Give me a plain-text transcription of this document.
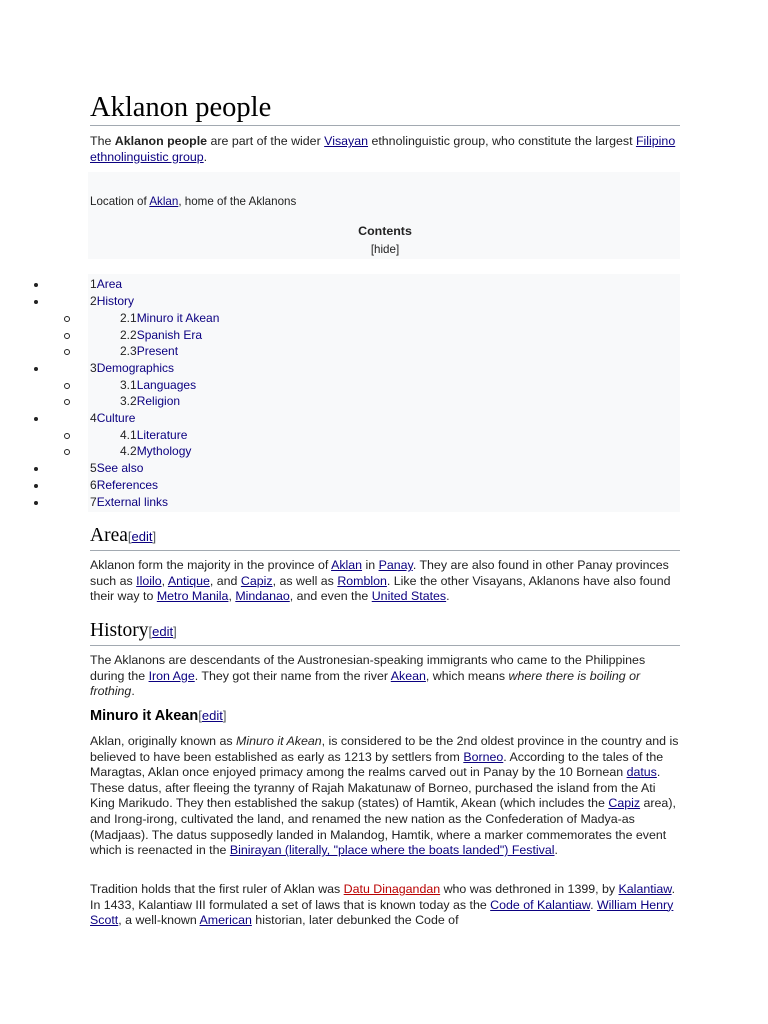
Aklanon people

The Aklanon people are part of the wider Visayan ethnolinguistic group, who constitute the largest Filipino ethnolinguistic group.

Location of Aklan, home of the Aklanons
Contents
[hide]
1Area
2History
2.1Minuro it Akean
2.2Spanish Era
2.3Present
3Demographics
3.1Languages
3.2Religion
4Culture
4.1Literature
4.2Mythology
5See also
6References
7External links
Area[edit]

Aklanon form the majority in the province of Aklan in Panay. They are also found in other Panay provinces such as Iloilo, Antique, and Capiz, as well as Romblon. Like the other Visayans, Aklanons have also found their way to Metro Manila, Mindanao, and even the United States.

History[edit]

The Aklanons are descendants of the Austronesian-speaking immigrants who came to the Philippines during the Iron Age. They got their name from the river Akean, which means where there is boiling or frothing.

Minuro it Akean[edit]

Aklan, originally known as Minuro it Akean, is considered to be the 2nd oldest province in the country and is believed to have been established as early as 1213 by settlers from Borneo. According to the tales of the Maragtas, Aklan once enjoyed primacy among the realms carved out in Panay by the 10 Bornean datus. These datus, after fleeing the tyranny of Rajah Makatunaw of Borneo, purchased the island from the Ati King Marikudo. They then established the sakup (states) of Hamtik, Akean (which includes the Capiz area), and Irong-irong, cultivated the land, and renamed the new nation as the Confederation of Madya-as (Madjaas). The datus supposedly landed in Malandog, Hamtik, where a marker commemorates the event which is reenacted in the Binirayan (literally, "place where the boats landed") Festival.

Tradition holds that the first ruler of Aklan was Datu Dinagandan who was dethroned in 1399, by Kalantiaw. In 1433, Kalantiaw III formulated a set of laws that is known today as the Code of Kalantiaw. William Henry Scott, a well-known American historian, later debunked the Code of
